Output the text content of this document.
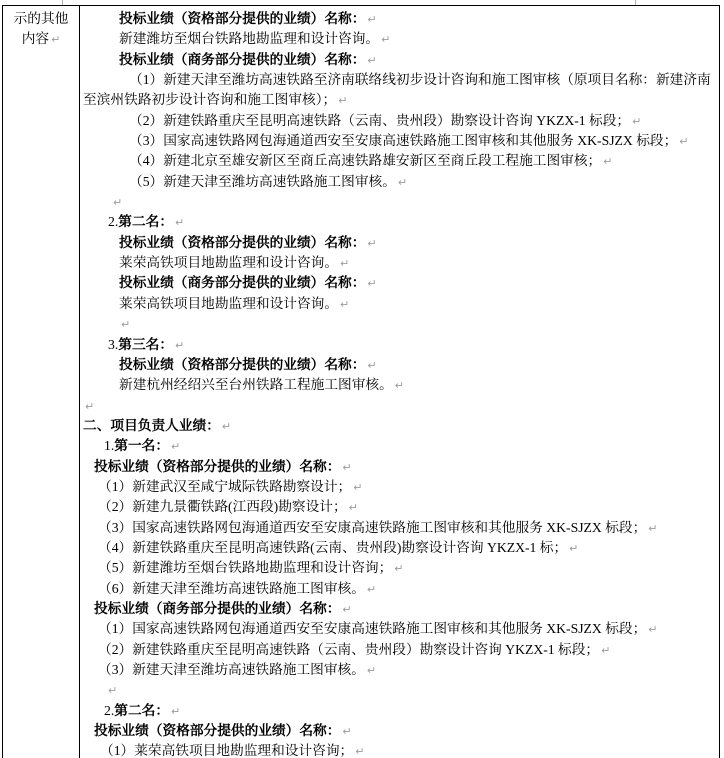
示的其他
内容 ↵
投标业绩（资格部分提供的业绩）名称： ↵
新建潍坊至烟台铁路地勘监理和设计咨询。 ↵
投标业绩（商务部分提供的业绩）名称： ↵
（1）新建天津至潍坊高速铁路至济南联络线初步设计咨询和施工图审核（原项目名称：新建济南
至滨州铁路初步设计咨询和施工图审核）； ↵
（2）新建铁路重庆至昆明高速铁路（云南、贵州段）勘察设计咨询 YKZX-1 标段； ↵
（3）国家高速铁路网包海通道西安至安康高速铁路施工图审核和其他服务 XK-SJZX 标段； ↵
（4）新建北京至雄安新区至商丘高速铁路雄安新区至商丘段工程施工图审核； ↵
（5）新建天津至潍坊高速铁路施工图审核。 ↵
↵
2.第二名： ↵
投标业绩（资格部分提供的业绩）名称： ↵
莱荣高铁项目地勘监理和设计咨询。 ↵
投标业绩（商务部分提供的业绩）名称： ↵
莱荣高铁项目地勘监理和设计咨询。 ↵
↵
3.第三名： ↵
投标业绩（资格部分提供的业绩）名称： ↵
新建杭州经绍兴至台州铁路工程施工图审核。 ↵
↵
二、项目负责人业绩： ↵
1.第一名： ↵
投标业绩（资格部分提供的业绩）名称： ↵
（1）新建武汉至咸宁城际铁路勘察设计； ↵
（2）新建九景衢铁路(江西段)勘察设计； ↵
（3）国家高速铁路网包海通道西安至安康高速铁路施工图审核和其他服务 XK-SJZX 标段； ↵
（4）新建铁路重庆至昆明高速铁路(云南、贵州段)勘察设计咨询 YKZX-1 标； ↵
（5）新建潍坊至烟台铁路地勘监理和设计咨询； ↵
（6）新建天津至潍坊高速铁路施工图审核。 ↵
投标业绩（商务部分提供的业绩）名称： ↵
（1）国家高速铁路网包海通道西安至安康高速铁路施工图审核和其他服务 XK-SJZX 标段； ↵
（2）新建铁路重庆至昆明高速铁路（云南、贵州段）勘察设计咨询 YKZX-1 标段； ↵
（3）新建天津至潍坊高速铁路施工图审核。 ↵
↵
2.第二名： ↵
投标业绩（资格部分提供的业绩）名称： ↵
（1）莱荣高铁项目地勘监理和设计咨询； ↵
